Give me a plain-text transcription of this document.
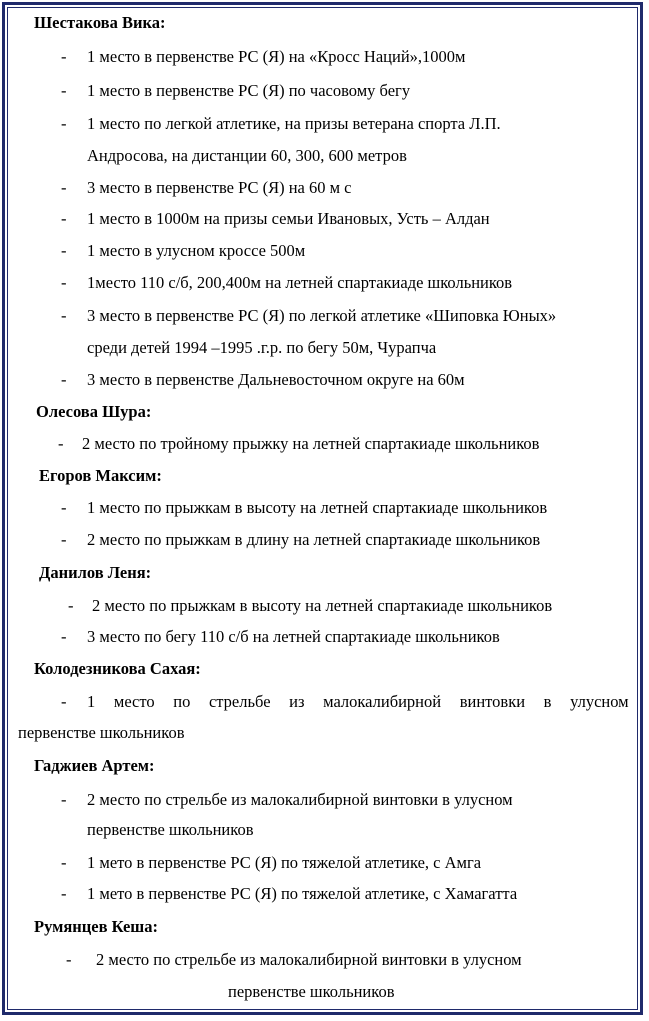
Шестакова Вика:
- 1 место в первенстве РС (Я) на «Кросс Наций»,1000м
- 1 место в первенстве РС (Я) по часовому бегу
- 1 место по легкой атлетике, на призы ветерана спорта Л.П.
Андросова, на дистанции 60, 300, 600 метров
- 3 место в первенстве РС (Я) на 60 м с
- 1 место в 1000м на призы семьи Ивановых, Усть – Алдан
- 1 место в улусном кроссе 500м
- 1место 110 с/б, 200,400м на летней спартакиаде школьников
- 3 место в первенстве РС (Я) по легкой атлетике «Шиповка Юных»
среди детей 1994 –1995 .г.р. по бегу 50м, Чурапча
- 3 место в первенстве Дальневосточном округе на 60м
Олесова Шура:
- 2 место по тройному прыжку на летней спартакиаде школьников
Егоров Максим:
- 1 место по прыжкам в высоту на летней спартакиаде школьников
- 2 место по прыжкам в длину на летней спартакиаде школьников
Данилов Леня:
- 2 место по прыжкам в высоту на летней спартакиаде школьников
- 3 место по бегу 110 с/б на летней спартакиаде школьников
Колодезникова Сахая:
- 1 место по стрельбе из малокалибирной винтовки в улусном
первенстве школьников
Гаджиев Артем:
- 2 место по стрельбе из малокалибирной винтовки в улусном
первенстве школьников
- 1 мето в первенстве РС (Я) по тяжелой атлетике, с Амга
- 1 мето в первенстве РС (Я) по тяжелой атлетике, с Хамагатта
Румянцев Кеша:
- 2 место по стрельбе из малокалибирной винтовки в улусном
первенстве школьников
